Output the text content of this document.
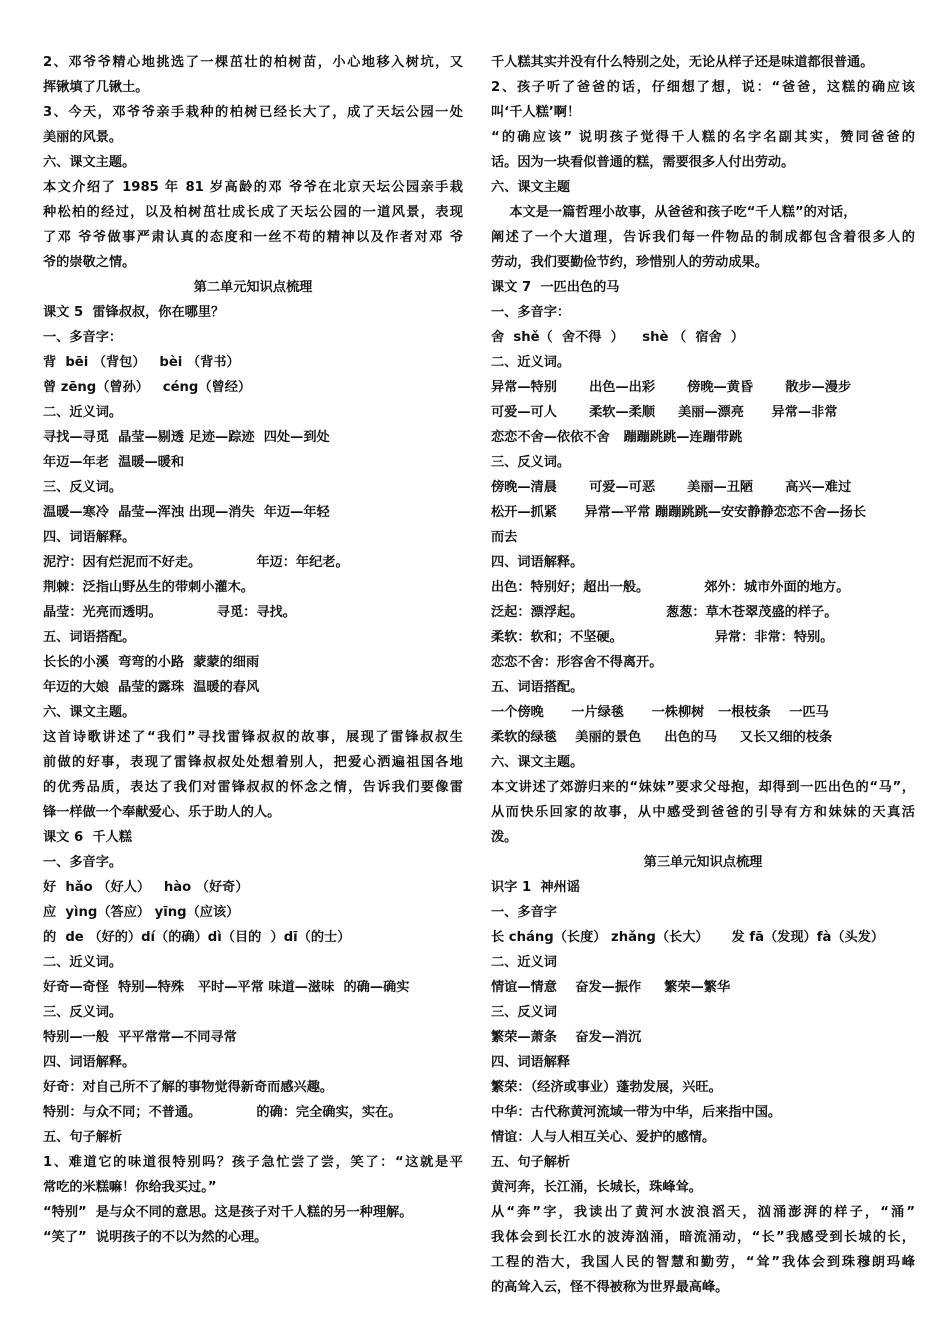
2、邓爷爷精心地挑选了一棵茁壮的柏树苗，小心地移入树坑，又
挥锹填了几锹土。
3、今天，邓爷爷亲手栽种的柏树已经长大了，成了天坛公园一处
美丽的风景。
六、课文主题。
本文介绍了 1985 年 81 岁高龄的邓 爷爷在北京天坛公园亲手栽
种松柏的经过，以及柏树茁壮成长成了天坛公园的一道风景，表现
了邓 爷爷做事严肃认真的态度和一丝不苟的精神以及作者对邓 爷
爷的崇敬之情。
第二单元知识点梳理
课文 5  雷锋叔叔，你在哪里？
一、多音字：
背  bēi （背包）   bèi （背书）
曾 zēng（曾孙）   céng（曾经）
二、近义词。
寻找—寻觅  晶莹—剔透 足迹—踪迹  四处—到处
年迈—年老  温暖—暖和
三、反义词。
温暖—寒冷  晶莹—浑浊 出现—消失  年迈—年轻
四、词语解释。
泥泞：因有烂泥而不好走。            年迈：年纪老。
荆棘：泛指山野丛生的带刺小灌木。
晶莹：光亮而透明。            寻觅：寻找。
五、词语搭配。
长长的小溪  弯弯的小路  蒙蒙的细雨
年迈的大娘  晶莹的露珠  温暖的春风
六、课文主题。
这首诗歌讲述了“我们”寻找雷锋叔叔的故事，展现了雷锋叔叔生
前做的好事，表现了雷锋叔叔处处想着别人，把爱心洒遍祖国各地
的优秀品质，表达了我们对雷锋叔叔的怀念之情，告诉我们要像雷
锋一样做一个奉献爱心、乐于助人的人。
课文 6  千人糕
一、多音字。
好  hǎo （好人）   hào （好奇）
应  yìng（答应） yīng（应该）
的  de （好的）dí（的确）dì（目的  ）dī（的士）
二、近义词。
好奇—奇怪  特别—特殊   平时—平常 味道—滋味  的确—确实
三、反义词。
特别—一般  平平常常—不同寻常
四、词语解释。
好奇：对自己所不了解的事物觉得新奇而感兴趣。
特别：与众不同；不普通。            的确：完全确实，实在。
五、句子解析
1、难道它的味道很特别吗？孩子急忙尝了尝，笑了：“这就是平
常吃的米糕嘛！你给我买过。”
“特别”  是与众不同的意思。这是孩子对千人糕的另一种理解。
“笑了”  说明孩子的不以为然的心理。
千人糕其实并没有什么特别之处，无论从样子还是味道都很普通。
2、孩子听了爸爸的话，仔细想了想，说：“爸爸，这糕的确应该
叫‘千人糕’啊！
“的确应该” 说明孩子觉得千人糕的名字名副其实，赞同爸爸的
话。因为一块看似普通的糕，需要很多人付出劳动。
六、课文主题
本文是一篇哲理小故事，从爸爸和孩子吃“千人糕”的对话，
阐述了一个大道理，告诉我们每一件物品的制成都包含着很多人的
劳动，我们要勤俭节约，珍惜别人的劳动成果。
课文 7  一匹出色的马
一、多音字：
舍  shě（  舍不得  ）    shè （  宿舍  ）
二、近义词。
异常—特别       出色—出彩       傍晚—黄昏       散步—漫步
可爱—可人       柔软—柔顺     美丽—漂亮      异常—非常
恋恋不舍—依依不舍   蹦蹦跳跳—连蹦带跳
三、反义词。
傍晚—清晨       可爱—可恶       美丽—丑陋       高兴—难过
松开—抓紧      异常—平常 蹦蹦跳跳—安安静静恋恋不舍—扬长
而去
四、词语解释。
出色：特别好；超出一般。            郊外：城市外面的地方。
泛起：漂浮起。                  葱葱：草木苍翠茂盛的样子。
柔软：软和；不坚硬。                    异常：非常：特别。
恋恋不舍：形容舍不得离开。
五、词语搭配。
一个傍晚      一片绿毯      一株柳树   一根枝条    一匹马
柔软的绿毯    美丽的景色     出色的马     又长又细的枝条
六、课文主题。
本文讲述了郊游归来的“妹妹”要求父母抱，却得到一匹出色的“马”，
从而快乐回家的故事，从中感受到爸爸的引导有方和妹妹的天真活
泼。
第三单元知识点梳理
识字 1  神州谣
一、多音字
长 cháng（长度） zhǎng（长大）     发 fā（发现）fà（头发）
二、近义词
情谊—情意    奋发—振作     繁荣—繁华
三、反义词
繁荣—萧条    奋发—消沉
四、词语解释
繁荣：（经济或事业）蓬勃发展，兴旺。
中华：古代称黄河流域一带为中华，后来指中国。
情谊：人与人相互关心、爱护的感情。
五、句子解析
黄河奔，长江涌，长城长，珠峰耸。
从“奔”字，我读出了黄河水波浪滔天，汹涌澎湃的样子，“涌”
我体会到长江水的波涛汹涌，暗流涌动，“长”我感受到长城的长，
工程的浩大，我国人民的智慧和勤劳，“耸”我体会到珠穆朗玛峰
的高耸入云，怪不得被称为世界最高峰。
